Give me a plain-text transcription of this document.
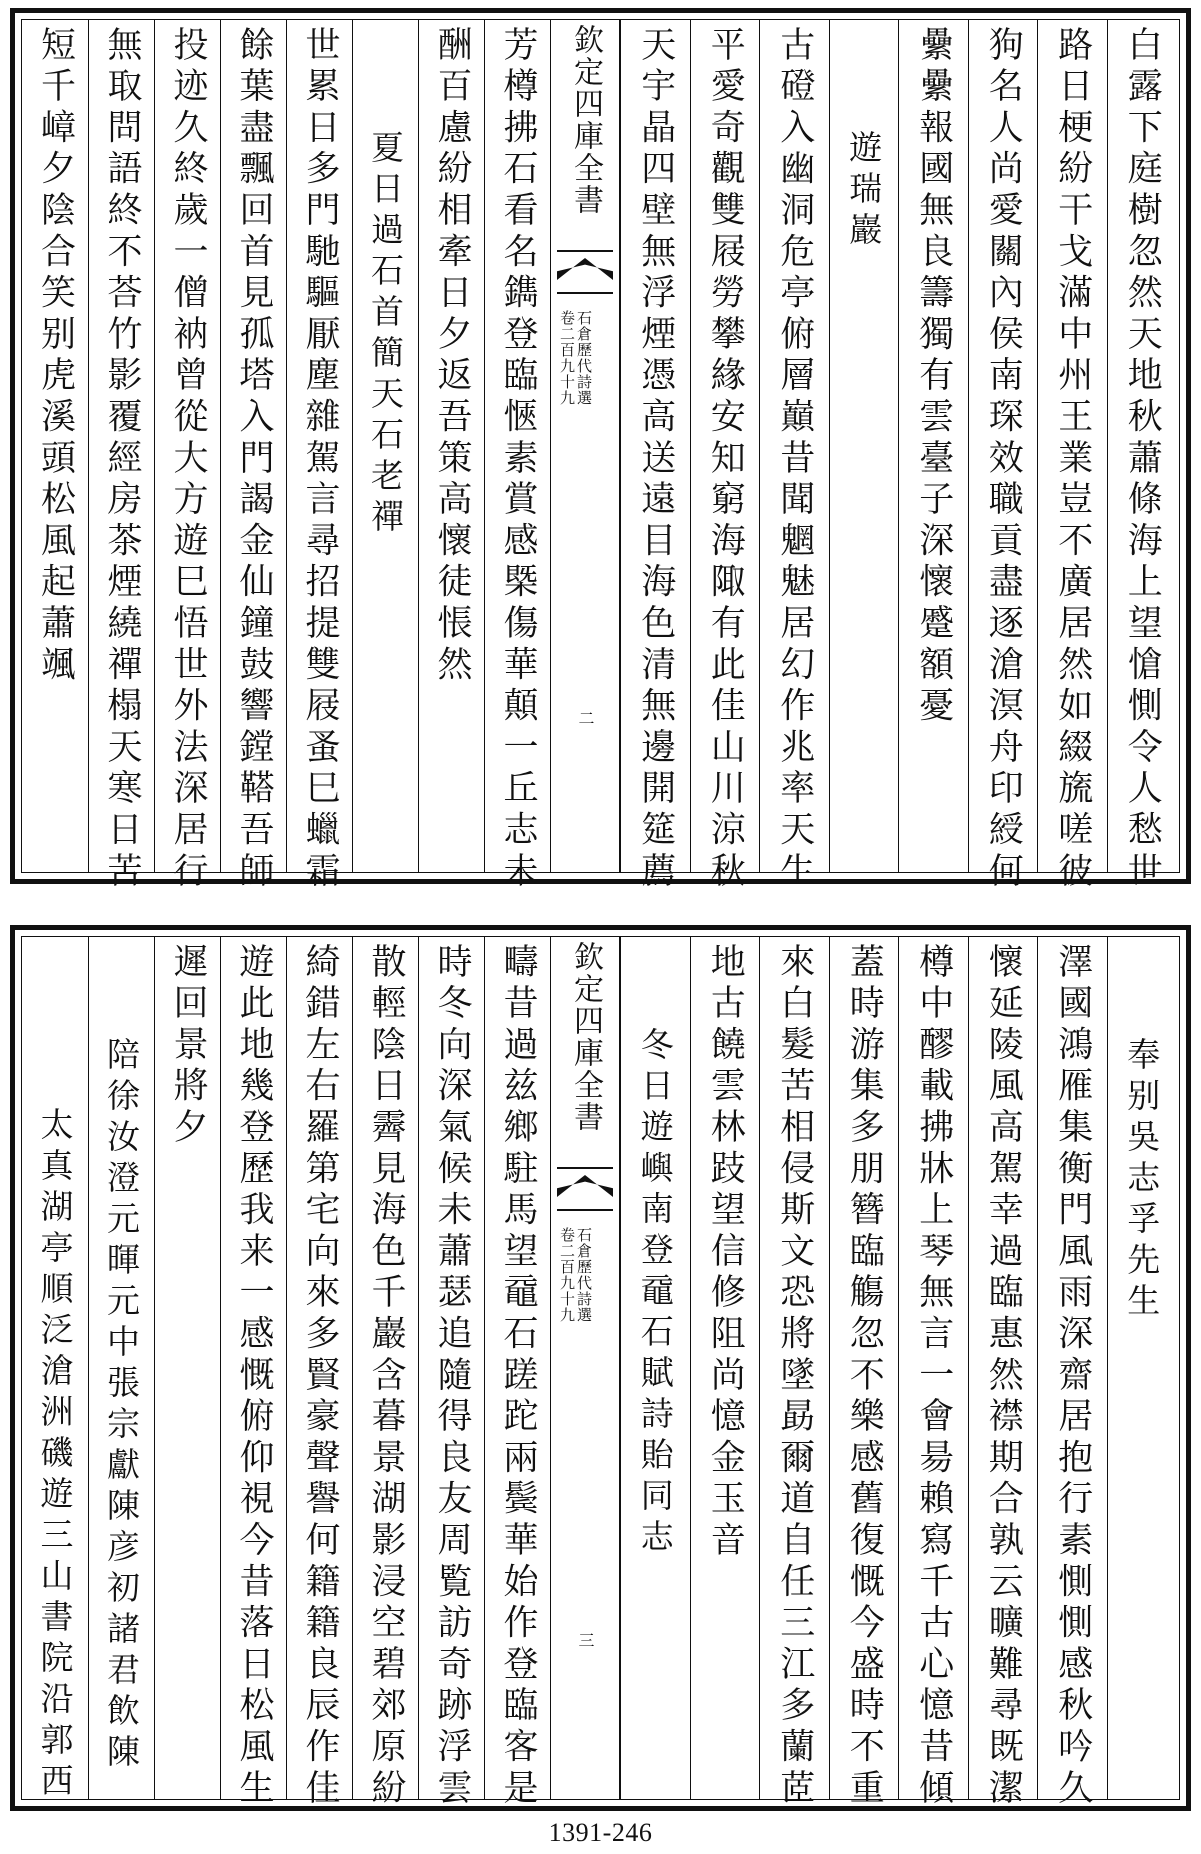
短千嶂夕陰合笑别虎溪頭松風起蕭颯 無取問語終不荅竹影覆經房茶煙繞禪榻天寒日苦 投迹久終歲一僧衲曾從大方遊巳悟世外法深居行 餘葉盡飄回首見孤塔入門謁金仙鐘鼓響鏜鞳吾師 世累日多門馳驅厭塵雜駕言尋招提雙屐蚤巳蠟霜 夏日過石首簡天石老禪 酬百慮紛相牽日夕返吾策高懷徒悵然 芳樽拂石看名鐫登臨愜素賞感槩傷華顛一丘志未 欽定四庫全書
卷二百九十九 石倉歷代詩選
二 天宇晶四壁無浮煙憑高送遠目海色清無邊開筵薦 平愛奇觀雙屐勞攀緣安知窮海陬有此佳山川涼秋 古磴入幽洞危亭俯層巔昔聞魍魅居幻作兆率天生 遊瑞巖 纍纍報國無良籌獨有雲臺子深懷蹙額憂 狗名人尚愛關內侯南琛效職貢盡逐滄溟舟印綬何 路日梗紛干戈滿中州王業豈不廣居然如綴旒嗟彼 白露下庭樹忽然天地秋蕭條海上望愴惻令人愁世
太真湖亭順泛滄洲磯遊三山書院沿郭西 陪徐汝澄元暉元中張宗獻陳彦初諸君飲陳 遲回景將夕 遊此地幾登歷我来一感慨俯仰視今昔落日松風生 綺錯左右羅第宅向來多賢豪聲譽何籍籍良辰作佳 散輕陰日霽見海色千巖含暮景湖影浸空碧郊原紛 時冬向深氣候未蕭瑟追隨得良友周覧訪奇跡浮雲 疇昔過兹鄉駐馬望黿石蹉跎兩鬓華始作登臨客是 欽定四庫全書
卷二百九十九 石倉歷代詩選
三
冬日遊嶼南登黿石賦詩貽同志 地古饒雲林跂望信修阻尚憶金玉音 來白髮苦相侵斯文恐將墜勗爾道自任三江多蘭茝 蓋時游集多朋簪臨觴忽不樂感舊復慨今盛時不重 樽中醪載拂牀上琴無言一會昜賴寫千古心憶昔傾 懷延陵風高駕幸過臨惠然襟期合孰云曠難尋既潔 澤國鴻雁集衡門風雨深齋居抱行素惻惻感秋吟久 奉别吳志孚先生
1391-246
